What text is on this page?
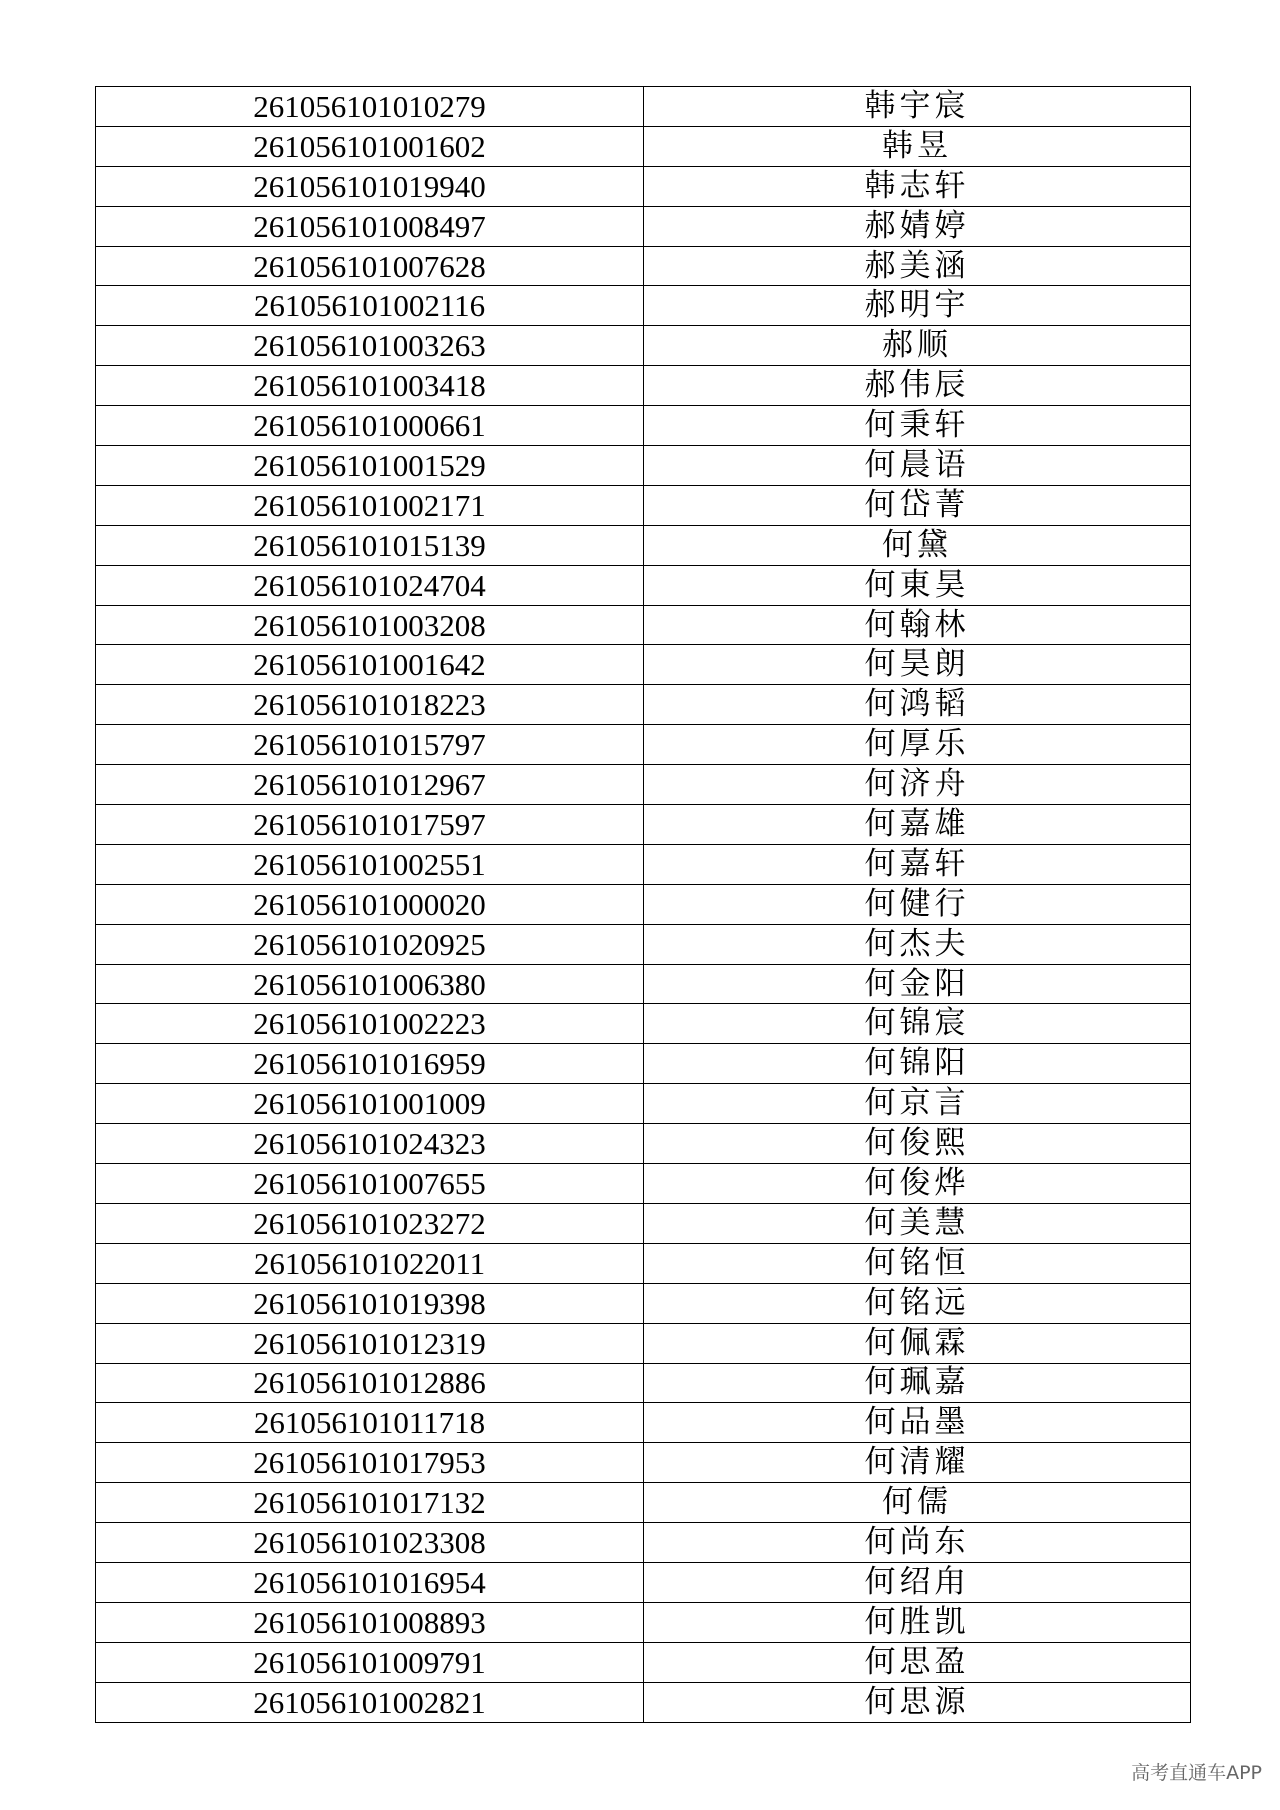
261056101010279	韩宇宸
261056101001602	韩昱
261056101019940	韩志轩
261056101008497	郝婧婷
261056101007628	郝美涵
261056101002116	郝明宇
261056101003263	郝顺
261056101003418	郝伟辰
261056101000661	何秉轩
261056101001529	何晨语
261056101002171	何岱菁
261056101015139	何黛
261056101024704	何東昊
261056101003208	何翰林
261056101001642	何昊朗
261056101018223	何鸿韬
261056101015797	何厚乐
261056101012967	何济舟
261056101017597	何嘉雄
261056101002551	何嘉轩
261056101000020	何健行
261056101020925	何杰夫
261056101006380	何金阳
261056101002223	何锦宸
261056101016959	何锦阳
261056101001009	何京言
261056101024323	何俊熙
261056101007655	何俊烨
261056101023272	何美慧
261056101022011	何铭恒
261056101019398	何铭远
261056101012319	何佩霖
261056101012886	何珮嘉
261056101011718	何品墨
261056101017953	何清耀
261056101017132	何儒
261056101023308	何尚东
261056101016954	何绍甪
261056101008893	何胜凯
261056101009791	何思盈
261056101002821	何思源
高考直通车APP
